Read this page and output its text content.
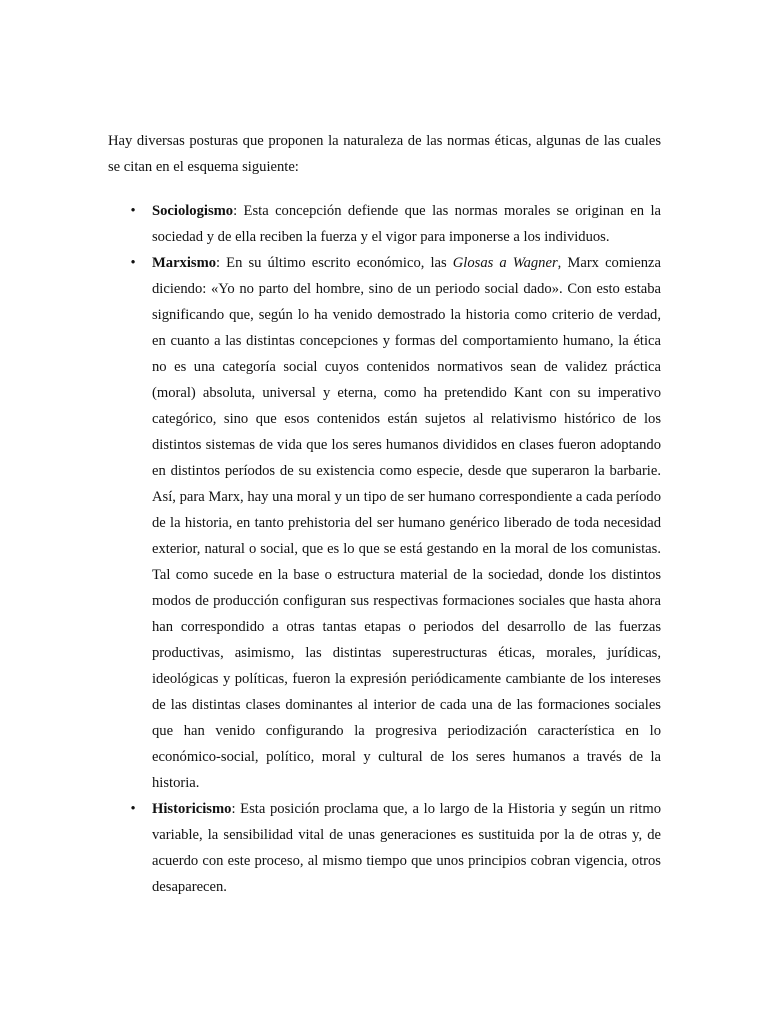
Hay diversas posturas que proponen la naturaleza de las normas éticas, algunas de las cuales se citan en el esquema siguiente:

• Sociologismo: Esta concepción defiende que las normas morales se originan en la sociedad y de ella reciben la fuerza y el vigor para imponerse a los individuos.
• Marxismo: En su último escrito económico, las Glosas a Wagner, Marx comienza diciendo: «Yo no parto del hombre, sino de un periodo social dado». Con esto estaba significando que, según lo ha venido demostrado la historia como criterio de verdad, en cuanto a las distintas concepciones y formas del comportamiento humano, la ética no es una categoría social cuyos contenidos normativos sean de validez práctica (moral) absoluta, universal y eterna, como ha pretendido Kant con su imperativo categórico, sino que esos contenidos están sujetos al relativismo histórico de los distintos sistemas de vida que los seres humanos divididos en clases fueron adoptando en distintos períodos de su existencia como especie, desde que superaron la barbarie. Así, para Marx, hay una moral y un tipo de ser humano correspondiente a cada período de la historia, en tanto prehistoria del ser humano genérico liberado de toda necesidad exterior, natural o social, que es lo que se está gestando en la moral de los comunistas. Tal como sucede en la base o estructura material de la sociedad, donde los distintos modos de producción configuran sus respectivas formaciones sociales que hasta ahora han correspondido a otras tantas etapas o periodos del desarrollo de las fuerzas productivas, asimismo, las distintas superestructuras éticas, morales, jurídicas, ideológicas y políticas, fueron la expresión periódicamente cambiante de los intereses de las distintas clases dominantes al interior de cada una de las formaciones sociales que han venido configurando la progresiva periodización característica en lo económico-social, político, moral y cultural de los seres humanos a través de la historia.
• Historicismo: Esta posición proclama que, a lo largo de la Historia y según un ritmo variable, la sensibilidad vital de unas generaciones es sustituida por la de otras y, de acuerdo con este proceso, al mismo tiempo que unos principios cobran vigencia, otros desaparecen.
